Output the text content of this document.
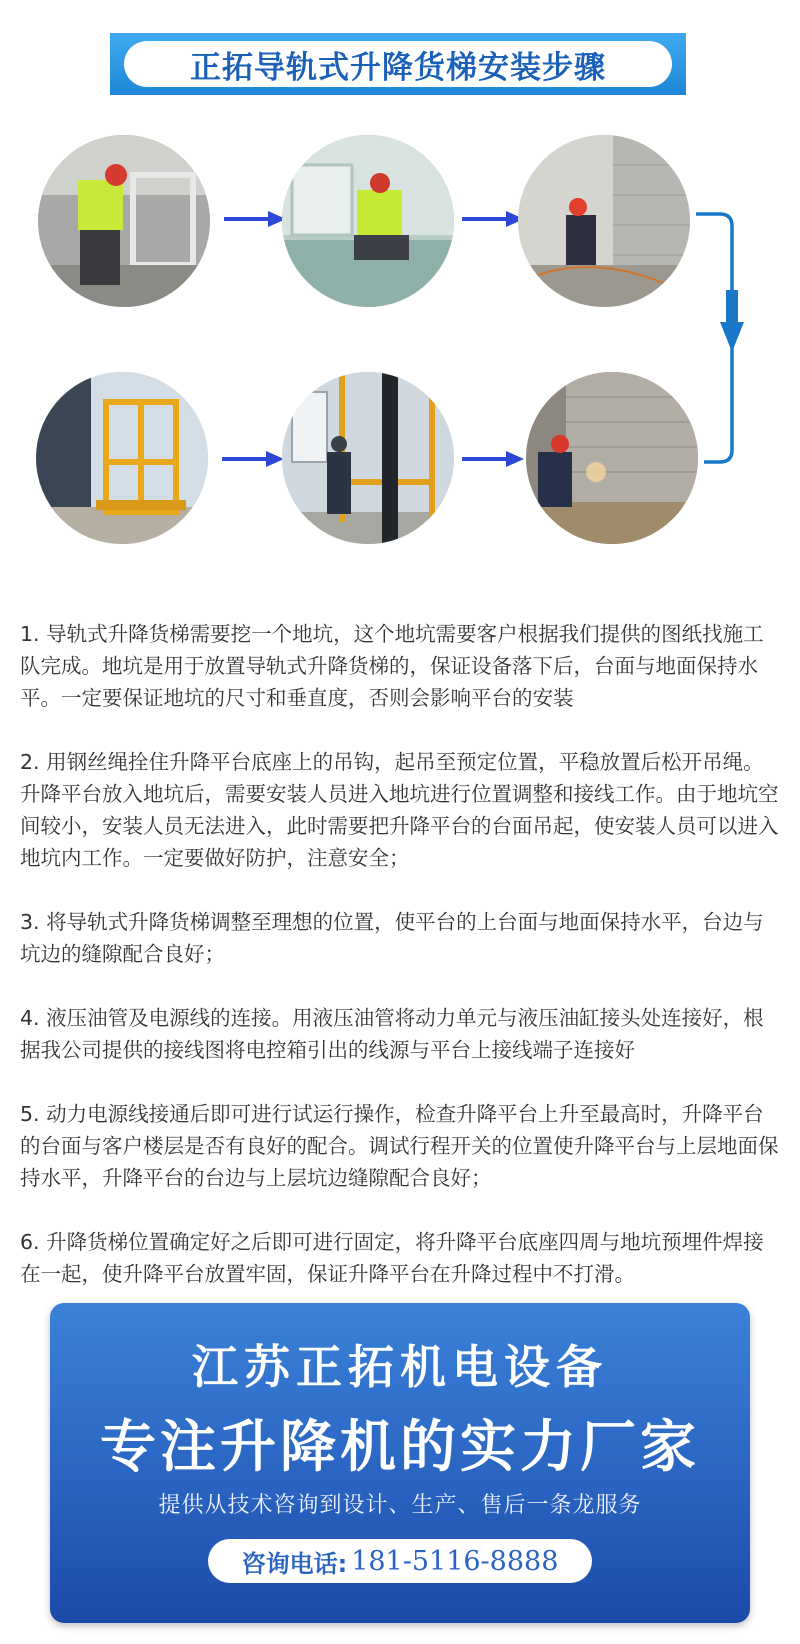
正拓导轨式升降货梯安装步骤

1. 导轨式升降货梯需要挖一个地坑，这个地坑需要客户根据我们提供的图纸找施工队完成。地坑是用于放置导轨式升降货梯的，保证设备落下后，台面与地面保持水平。一定要保证地坑的尺寸和垂直度，否则会影响平台的安装

2. 用钢丝绳拴住升降平台底座上的吊钩，起吊至预定位置，平稳放置后松开吊绳。升降平台放入地坑后，需要安装人员进入地坑进行位置调整和接线工作。由于地坑空间较小，安装人员无法进入，此时需要把升降平台的台面吊起，使安装人员可以进入地坑内工作。一定要做好防护，注意安全；

3. 将导轨式升降货梯调整至理想的位置，使平台的上台面与地面保持水平，台边与坑边的缝隙配合良好；

4. 液压油管及电源线的连接。用液压油管将动力单元与液压油缸接头处连接好，根据我公司提供的接线图将电控箱引出的线源与平台上接线端子连接好

5. 动力电源线接通后即可进行试运行操作，检查升降平台上升至最高时，升降平台的台面与客户楼层是否有良好的配合。调试行程开关的位置使升降平台与上层地面保持水平，升降平台的台边与上层坑边缝隙配合良好；

6. 升降货梯位置确定好之后即可进行固定，将升降平台底座四周与地坑预埋件焊接在一起，使升降平台放置牢固，保证升降平台在升降过程中不打滑。

江苏正拓机电设备
专注升降机的实力厂家
提供从技术咨询到设计、生产、售后一条龙服务
咨询电话: 181-5116-8888
